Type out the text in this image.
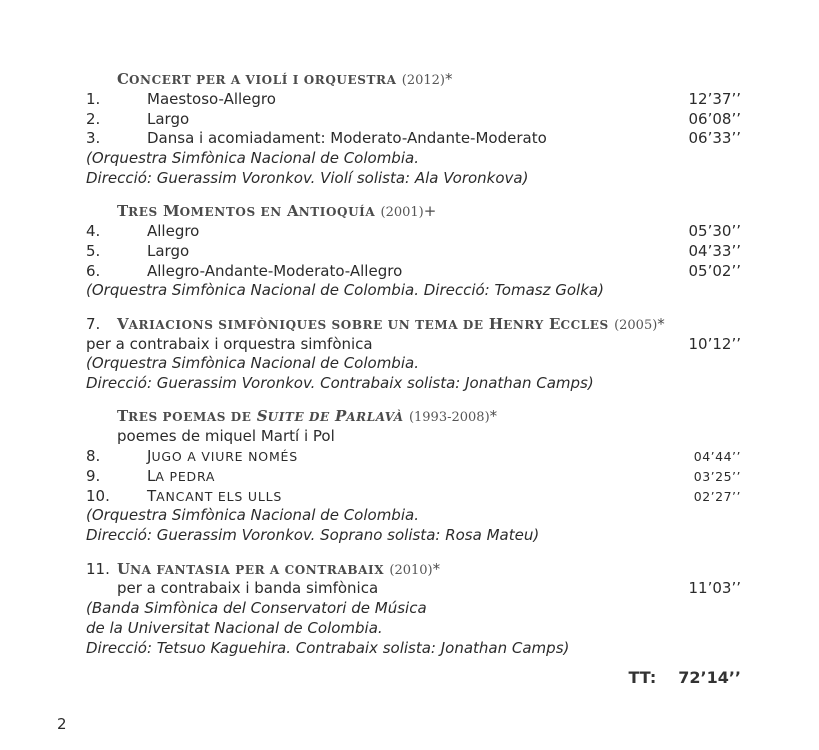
CONCERT PER A VIOLÍ I ORQUESTRA (2012)*
1.	Maestoso-Allegro	12’37’’
2.	Largo	06’08’’
3.	Dansa i acomiadament: Moderato-Andante-Moderato	06’33’’
(Orquestra Simfònica Nacional de Colombia.
Direcció: Guerassim Voronkov. Violí solista: Ala Voronkova)
TRES MOMENTOS EN ANTIOQUÍA (2001)+
4.	Allegro	05’30’’
5.	Largo	04’33’’
6.	Allegro-Andante-Moderato-Allegro	05’02’’
(Orquestra Simfònica Nacional de Colombia. Direcció: Tomasz Golka)
7. VARIACIONS SIMFÒNIQUES SOBRE UN TEMA DE HENRY ECCLES (2005)*
per a contrabaix i orquestra simfònica	10’12’’
(Orquestra Simfònica Nacional de Colombia.
Direcció: Guerassim Voronkov. Contrabaix solista: Jonathan Camps)
TRES POEMAS DE SUITE DE PARLAVÀ (1993-2008)*
poemes de miquel Martí i Pol
8.	JUGO A VIURE NOMÉS	04’44’’
9.	LA PEDRA	03’25’’
10. TANCANT ELS ULLS	02’27’’
(Orquestra Simfònica Nacional de Colombia.
Direcció: Guerassim Voronkov. Soprano solista: Rosa Mateu)
11. UNA FANTASIA PER A CONTRABAIX (2010)*
per a contrabaix i banda simfònica	11’03’’
(Banda Simfònica del Conservatori de Música
de la Universitat Nacional de Colombia.
Direcció: Tetsuo Kaguehira. Contrabaix solista: Jonathan Camps)
TT: 72’14’’
2
